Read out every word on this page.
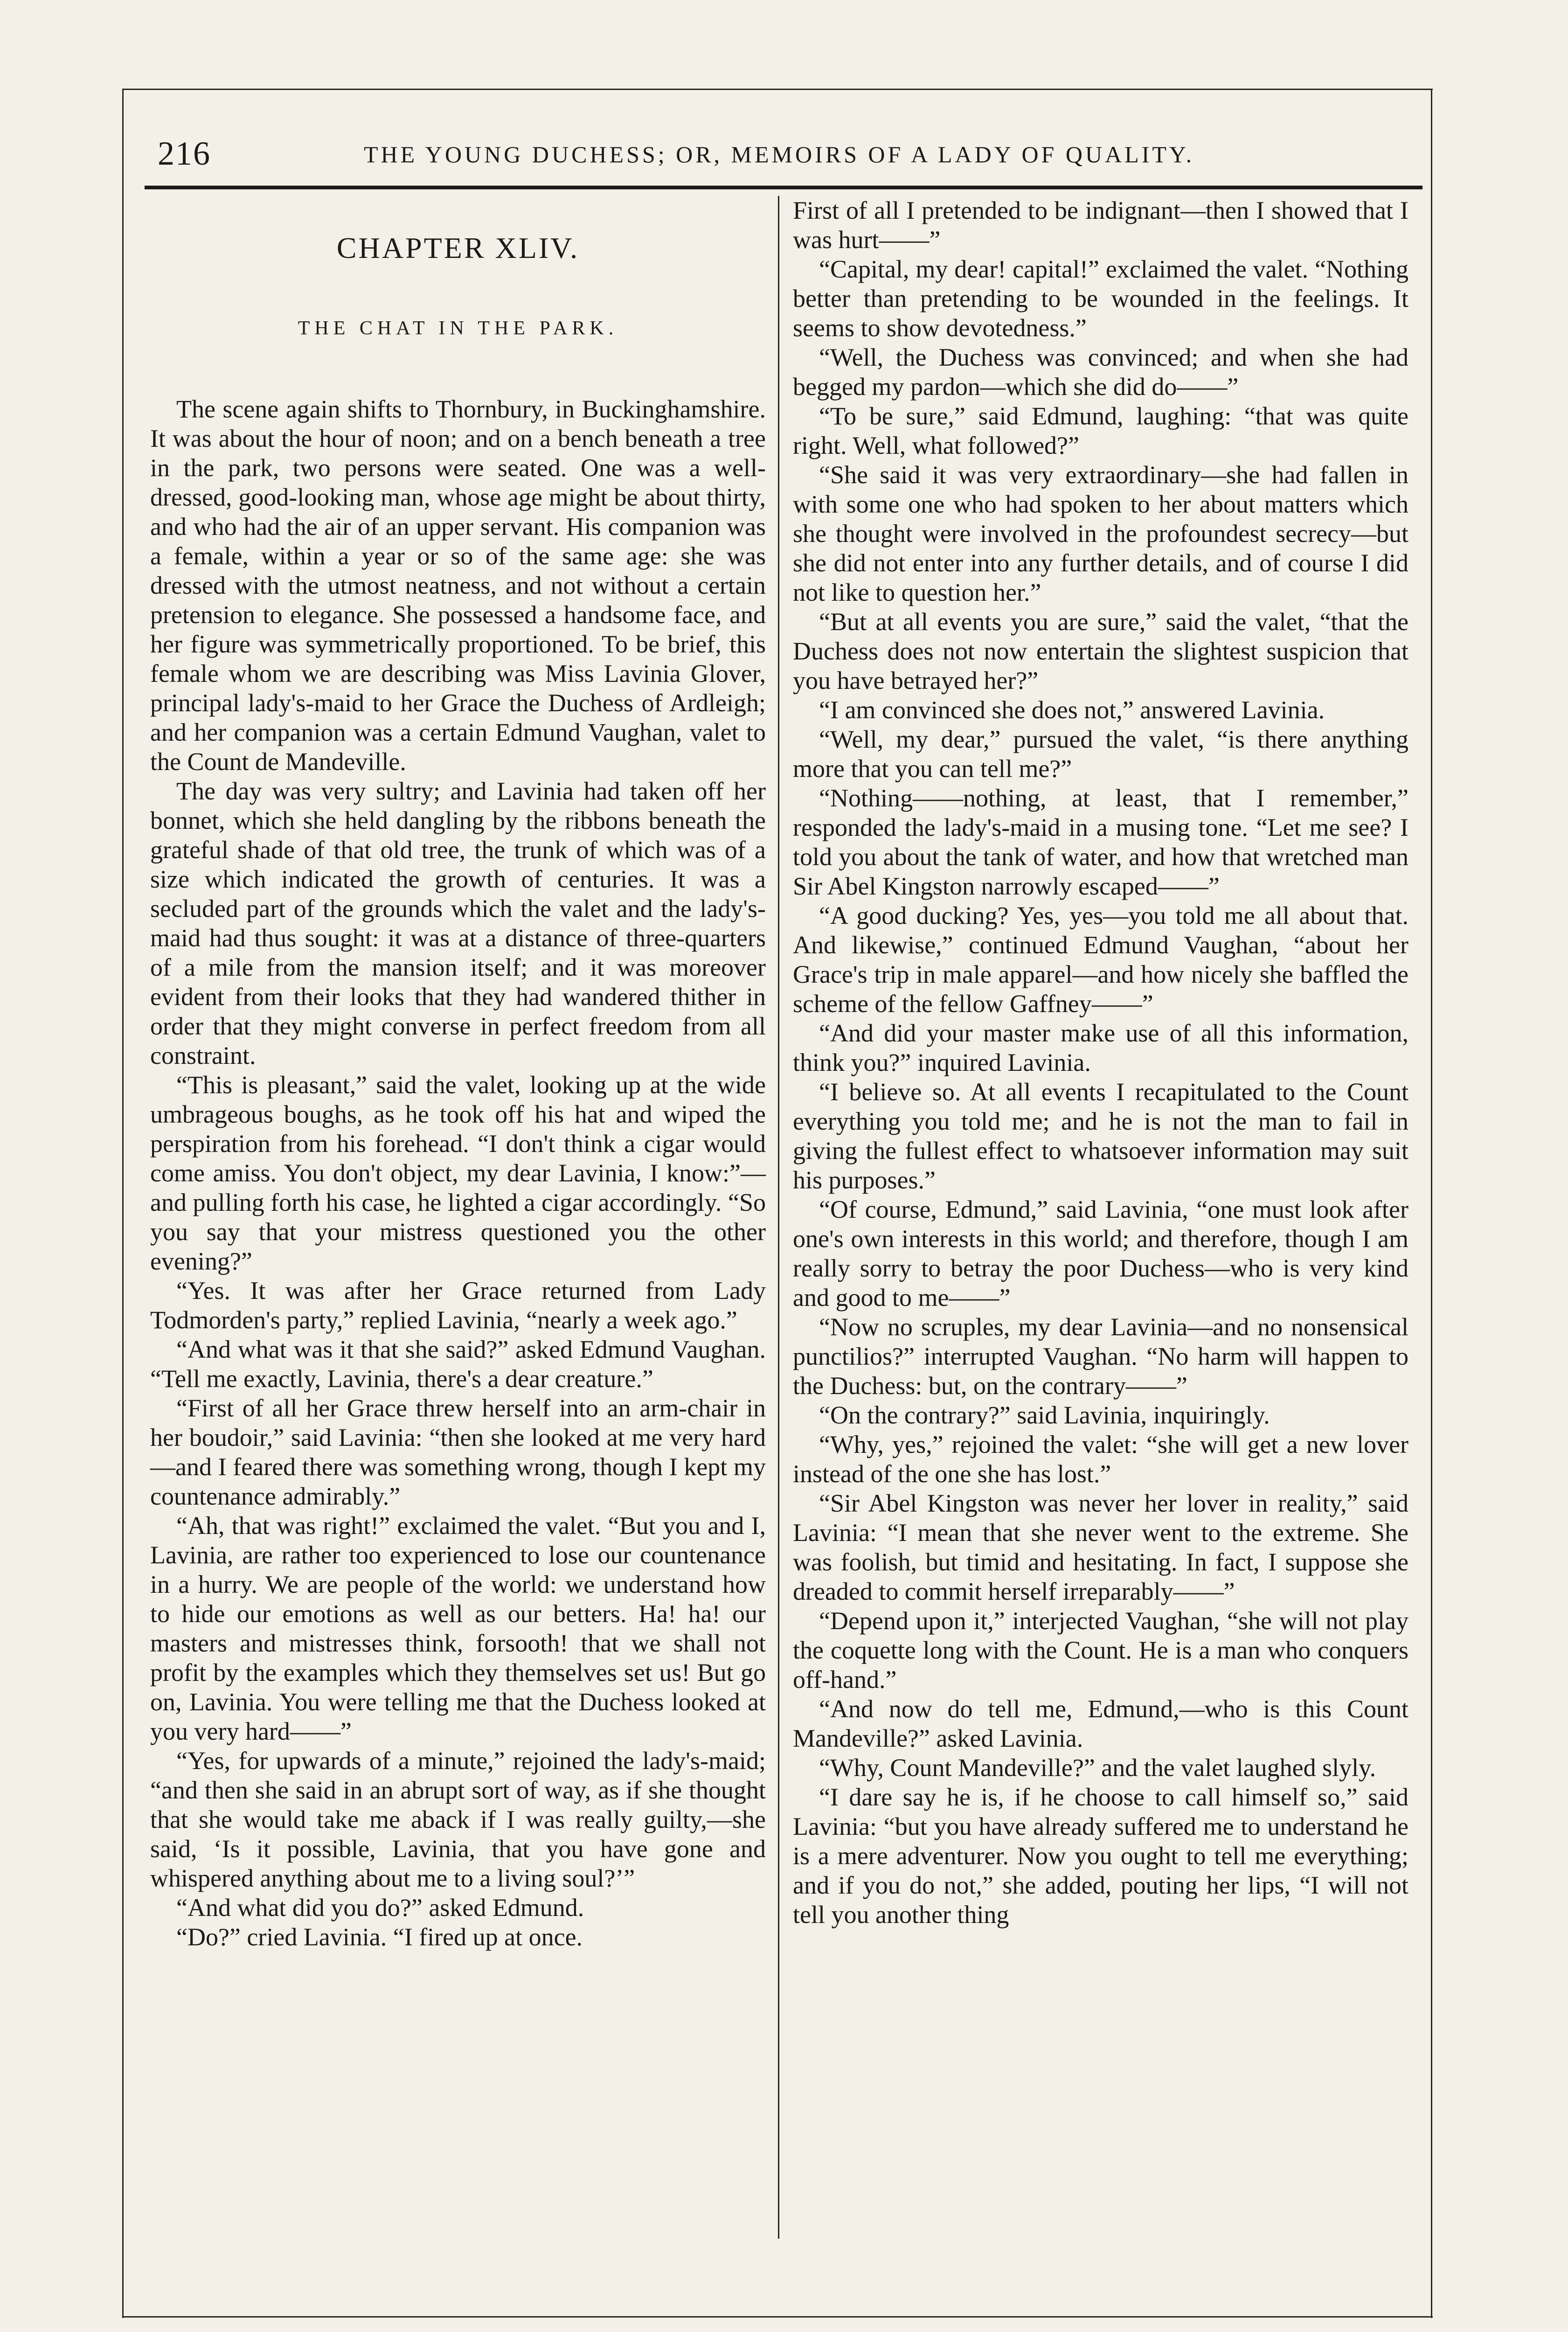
216	THE YOUNG DUCHESS; OR, MEMOIRS OF A LADY OF QUALITY.
CHAPTER XLIV.
THE CHAT IN THE PARK.

The scene again shifts to Thornbury, in Buckinghamshire. It was about the hour of noon; and on a bench beneath a tree in the park, two persons were seated. One was a well-dressed, good-looking man, whose age might be about thirty, and who had the air of an upper servant. His companion was a female, within a year or so of the same age: she was dressed with the utmost neatness, and not without a certain pretension to elegance. She possessed a handsome face, and her figure was symmetrically proportioned. To be brief, this female whom we are describing was Miss Lavinia Glover, principal lady's-maid to her Grace the Duchess of Ardleigh; and her companion was a certain Edmund Vaughan, valet to the Count de Mandeville.

The day was very sultry; and Lavinia had taken off her bonnet, which she held dangling by the ribbons beneath the grateful shade of that old tree, the trunk of which was of a size which indicated the growth of centuries. It was a secluded part of the grounds which the valet and the lady's-maid had thus sought: it was at a distance of three-quarters of a mile from the mansion itself; and it was moreover evident from their looks that they had wandered thither in order that they might converse in perfect freedom from all constraint.

“This is pleasant,” said the valet, looking up at the wide umbrageous boughs, as he took off his hat and wiped the perspiration from his forehead. “I don't think a cigar would come amiss. You don't object, my dear Lavinia, I know:”—and pulling forth his case, he lighted a cigar accordingly. “So you say that your mistress questioned you the other evening?”

“Yes. It was after her Grace returned from Lady Todmorden's party,” replied Lavinia, “nearly a week ago.”

“And what was it that she said?” asked Edmund Vaughan. “Tell me exactly, Lavinia, there's a dear creature.”

“First of all her Grace threw herself into an arm-chair in her boudoir,” said Lavinia: “then she looked at me very hard—and I feared there was something wrong, though I kept my countenance admirably.”

“Ah, that was right!” exclaimed the valet. “But you and I, Lavinia, are rather too experienced to lose our countenance in a hurry. We are people of the world: we understand how to hide our emotions as well as our betters. Ha! ha! our masters and mistresses think, forsooth! that we shall not profit by the examples which they themselves set us! But go on, Lavinia. You were telling me that the Duchess looked at you very hard——”

“Yes, for upwards of a minute,” rejoined the lady's-maid; “and then she said in an abrupt sort of way, as if she thought that she would take me aback if I was really guilty,—she said, ‘Is it possible, Lavinia, that you have gone and whispered anything about me to a living soul?’”

“And what did you do?” asked Edmund.

“Do?” cried Lavinia. “I fired up at once.

First of all I pretended to be indignant—then I showed that I was hurt——”

“Capital, my dear! capital!” exclaimed the valet. “Nothing better than pretending to be wounded in the feelings. It seems to show devotedness.”

“Well, the Duchess was convinced; and when she had begged my pardon—which she did do——”

“To be sure,” said Edmund, laughing: “that was quite right. Well, what followed?”

“She said it was very extraordinary—she had fallen in with some one who had spoken to her about matters which she thought were involved in the profoundest secrecy—but she did not enter into any further details, and of course I did not like to question her.”

“But at all events you are sure,” said the valet, “that the Duchess does not now entertain the slightest suspicion that you have betrayed her?”

“I am convinced she does not,” answered Lavinia.

“Well, my dear,” pursued the valet, “is there anything more that you can tell me?”

“Nothing——nothing, at least, that I remember,” responded the lady's-maid in a musing tone. “Let me see? I told you about the tank of water, and how that wretched man Sir Abel Kingston narrowly escaped——”

“A good ducking? Yes, yes—you told me all about that. And likewise,” continued Edmund Vaughan, “about her Grace's trip in male apparel—and how nicely she baffled the scheme of the fellow Gaffney——”

“And did your master make use of all this information, think you?” inquired Lavinia.

“I believe so. At all events I recapitulated to the Count everything you told me; and he is not the man to fail in giving the fullest effect to whatsoever information may suit his purposes.”

“Of course, Edmund,” said Lavinia, “one must look after one's own interests in this world; and therefore, though I am really sorry to betray the poor Duchess—who is very kind and good to me——”

“Now no scruples, my dear Lavinia—and no nonsensical punctilios?” interrupted Vaughan. “No harm will happen to the Duchess: but, on the contrary——”

“On the contrary?” said Lavinia, inquiringly.

“Why, yes,” rejoined the valet: “she will get a new lover instead of the one she has lost.”

“Sir Abel Kingston was never her lover in reality,” said Lavinia: “I mean that she never went to the extreme. She was foolish, but timid and hesitating. In fact, I suppose she dreaded to commit herself irreparably——”

“Depend upon it,” interjected Vaughan, “she will not play the coquette long with the Count. He is a man who conquers off-hand.”

“And now do tell me, Edmund,—who is this Count Mandeville?” asked Lavinia.

“Why, Count Mandeville?” and the valet laughed slyly.

“I dare say he is, if he choose to call himself so,” said Lavinia: “but you have already suffered me to understand he is a mere adventurer. Now you ought to tell me everything; and if you do not,” she added, pouting her lips, “I will not tell you another thing
